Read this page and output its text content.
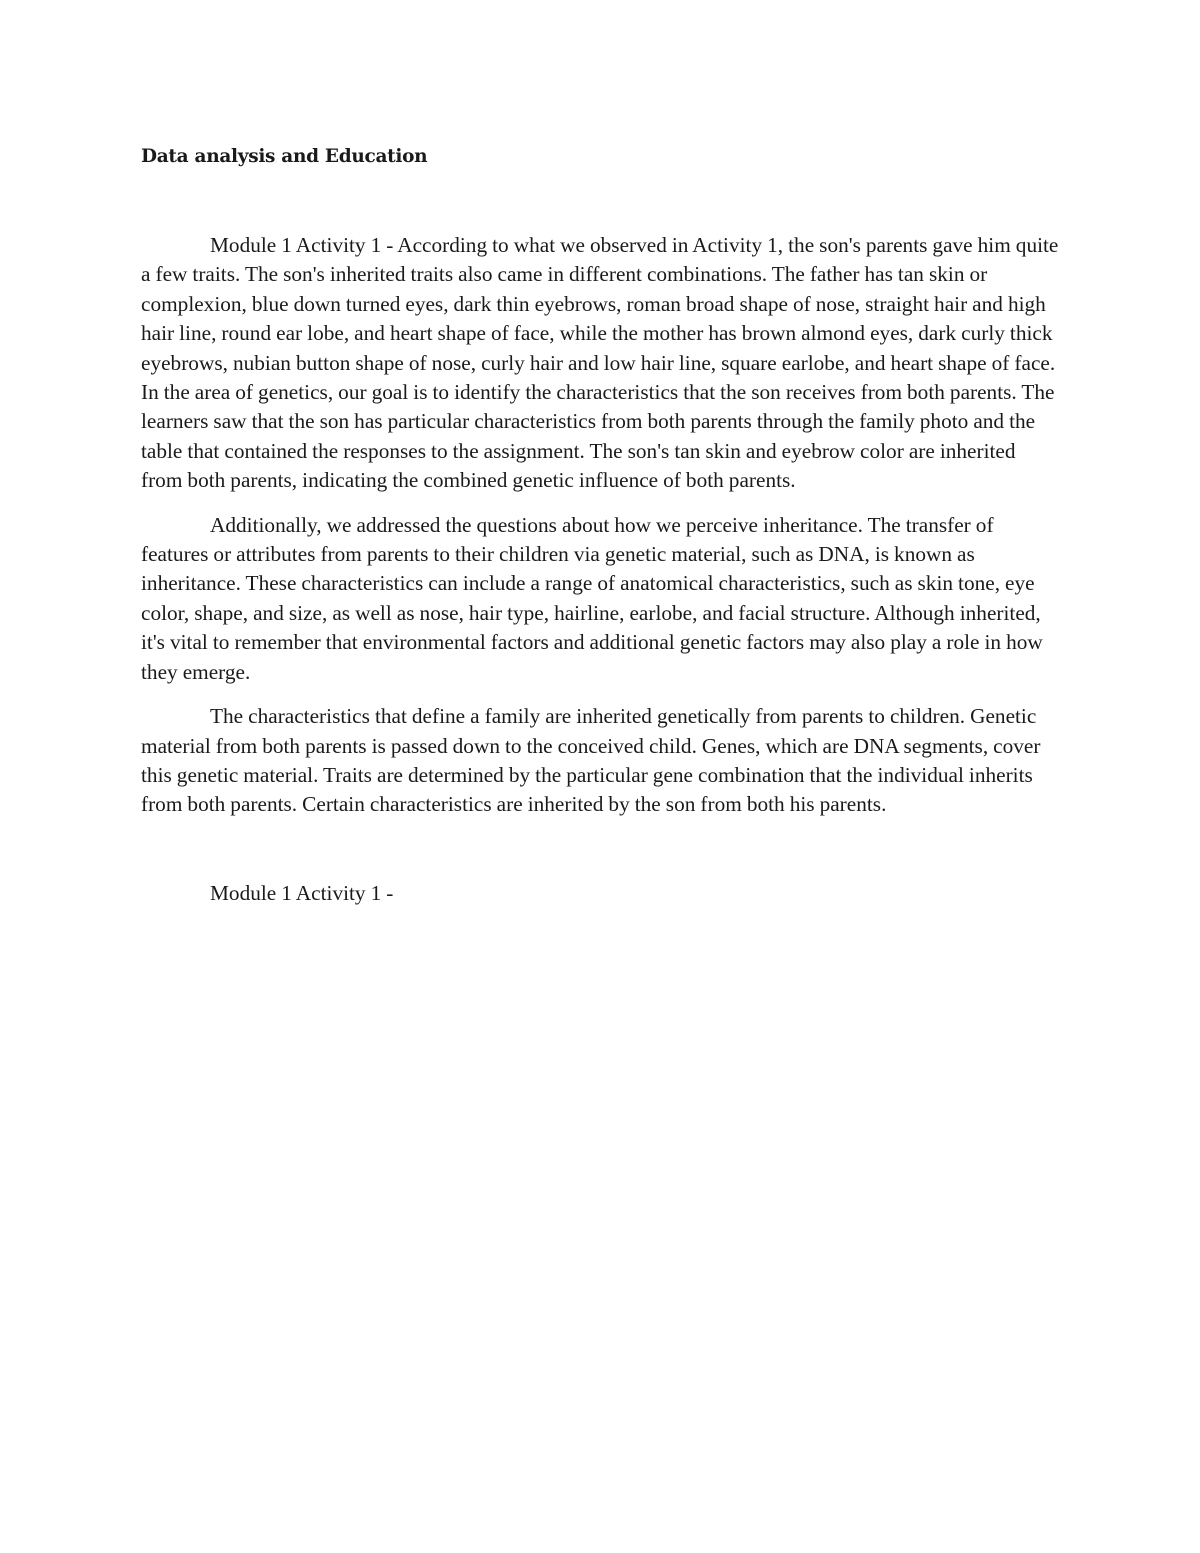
Data analysis and Education

Module 1 Activity 1 - According to what we observed in Activity 1, the son's parents gave him quite a few traits. The son's inherited traits also came in different combinations. The father has tan skin or complexion, blue down turned eyes, dark thin eyebrows, roman broad shape of nose, straight hair and high hair line, round ear lobe, and heart shape of face, while the mother has brown almond eyes, dark curly thick eyebrows, nubian button shape of nose, curly hair and low hair line, square earlobe, and heart shape of face. In the area of genetics, our goal is to identify the characteristics that the son receives from both parents. The learners saw that the son has particular characteristics from both parents through the family photo and the table that contained the responses to the assignment. The son's tan skin and eyebrow color are inherited from both parents, indicating the combined genetic influence of both parents.

Additionally, we addressed the questions about how we perceive inheritance. The transfer of features or attributes from parents to their children via genetic material, such as DNA, is known as inheritance. These characteristics can include a range of anatomical characteristics, such as skin tone, eye color, shape, and size, as well as nose, hair type, hairline, earlobe, and facial structure. Although inherited, it's vital to remember that environmental factors and additional genetic factors may also play a role in how they emerge.

The characteristics that define a family are inherited genetically from parents to children. Genetic material from both parents is passed down to the conceived child. Genes, which are DNA segments, cover this genetic material. Traits are determined by the particular gene combination that the individual inherits from both parents. Certain characteristics are inherited by the son from both his parents.

Module 1 Activity 1 -
